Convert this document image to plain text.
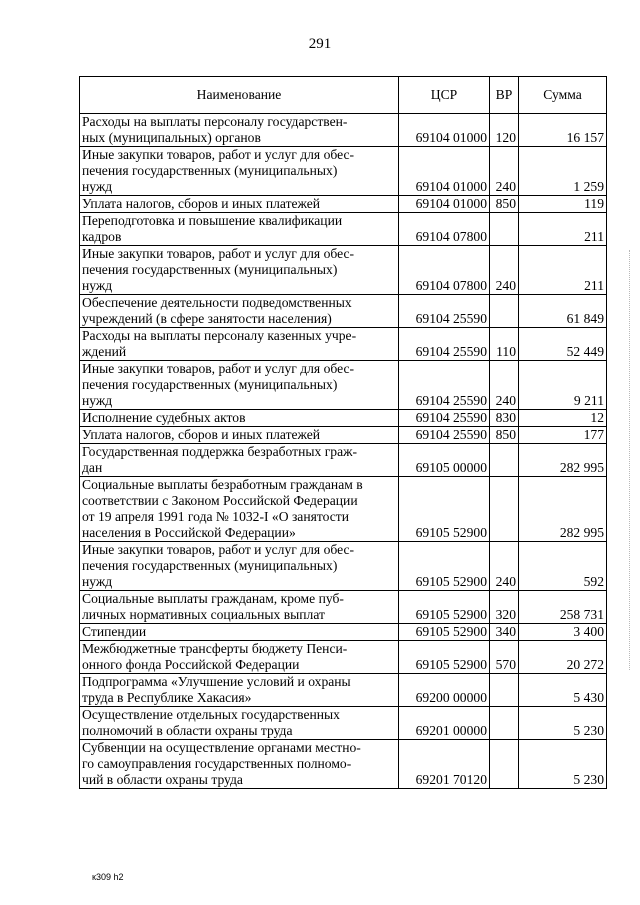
291
Наименование	ЦСР	ВР	Сумма

Расходы на выплаты персоналу государствен-
ных (муниципальных) органов	69104 01000	120	16 157

Иные закупки товаров, работ и услуг для обес-
печения государственных (муниципальных)
нужд	69104 01000	240	1 259

Уплата налогов, сборов и иных платежей	69104 01000	850	119

Переподготовка и повышение квалификации
кадров	69104 07800		211

Иные закупки товаров, работ и услуг для обес-
печения государственных (муниципальных)
нужд	69104 07800	240	211

Обеспечение деятельности подведомственных
учреждений (в сфере занятости населения)	69104 25590		61 849

Расходы на выплаты персоналу казенных учре-
ждений	69104 25590	110	52 449

Иные закупки товаров, работ и услуг для обес-
печения государственных (муниципальных)
нужд	69104 25590	240	9 211

Исполнение судебных актов	69104 25590	830	12

Уплата налогов, сборов и иных платежей	69104 25590	850	177

Государственная поддержка безработных граж-
дан	69105 00000		282 995

Социальные выплаты безработным гражданам в
соответствии с Законом Российской Федерации
от 19 апреля 1991 года № 1032-I «О занятости
населения в Российской Федерации»	69105 52900		282 995

Иные закупки товаров, работ и услуг для обес-
печения государственных (муниципальных)
нужд	69105 52900	240	592

Социальные выплаты гражданам, кроме пуб-
личных нормативных социальных выплат	69105 52900	320	258 731

Стипендии	69105 52900	340	3 400

Межбюджетные трансферты бюджету Пенси-
онного фонда Российской Федерации	69105 52900	570	20 272

Подпрограмма «Улучшение условий и охраны
труда в Республике Хакасия»	69200 00000		5 430

Осуществление отдельных государственных
полномочий в области охраны труда	69201 00000		5 230

Субвенции на осуществление органами местно-
го самоуправления государственных полномо-
чий в области охраны труда	69201 70120		5 230
к309 h2
